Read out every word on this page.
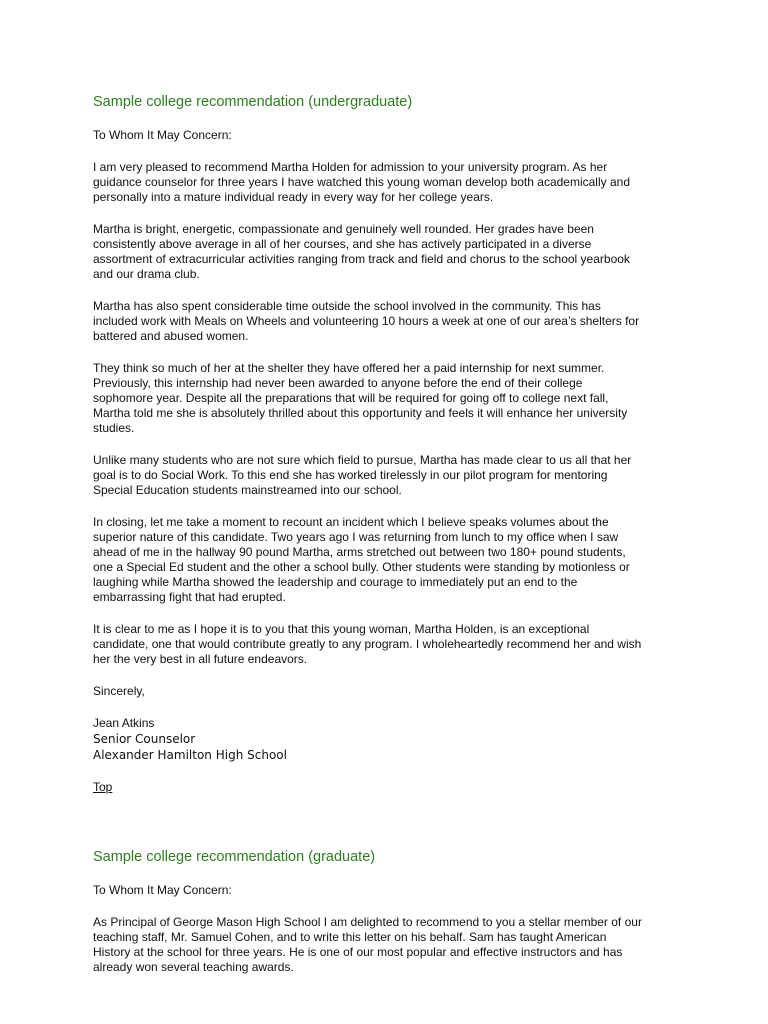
Sample college recommendation (undergraduate)

To Whom It May Concern:

I am very pleased to recommend Martha Holden for admission to your university program. As her
guidance counselor for three years I have watched this young woman develop both academically and
personally into a mature individual ready in every way for her college years.

Martha is bright, energetic, compassionate and genuinely well rounded. Her grades have been
consistently above average in all of her courses, and she has actively participated in a diverse
assortment of extracurricular activities ranging from track and field and chorus to the school yearbook
and our drama club.

Martha has also spent considerable time outside the school involved in the community. This has
included work with Meals on Wheels and volunteering 10 hours a week at one of our area’s shelters for
battered and abused women.

They think so much of her at the shelter they have offered her a paid internship for next summer.
Previously, this internship had never been awarded to anyone before the end of their college
sophomore year. Despite all the preparations that will be required for going off to college next fall,
Martha told me she is absolutely thrilled about this opportunity and feels it will enhance her university
studies.

Unlike many students who are not sure which field to pursue, Martha has made clear to us all that her
goal is to do Social Work. To this end she has worked tirelessly in our pilot program for mentoring
Special Education students mainstreamed into our school.

In closing, let me take a moment to recount an incident which I believe speaks volumes about the
superior nature of this candidate. Two years ago I was returning from lunch to my office when I saw
ahead of me in the hallway 90 pound Martha, arms stretched out between two 180+ pound students,
one a Special Ed student and the other a school bully. Other students were standing by motionless or
laughing while Martha showed the leadership and courage to immediately put an end to the
embarrassing fight that had erupted.

It is clear to me as I hope it is to you that this young woman, Martha Holden, is an exceptional
candidate, one that would contribute greatly to any program. I wholeheartedly recommend her and wish
her the very best in all future endeavors.

Sincerely,

Jean Atkins

Senior Counselor

Alexander Hamilton High School

Top
Sample college recommendation (graduate)

To Whom It May Concern:

As Principal of George Mason High School I am delighted to recommend to you a stellar member of our
teaching staff, Mr. Samuel Cohen, and to write this letter on his behalf. Sam has taught American
History at the school for three years. He is one of our most popular and effective instructors and has
already won several teaching awards.
